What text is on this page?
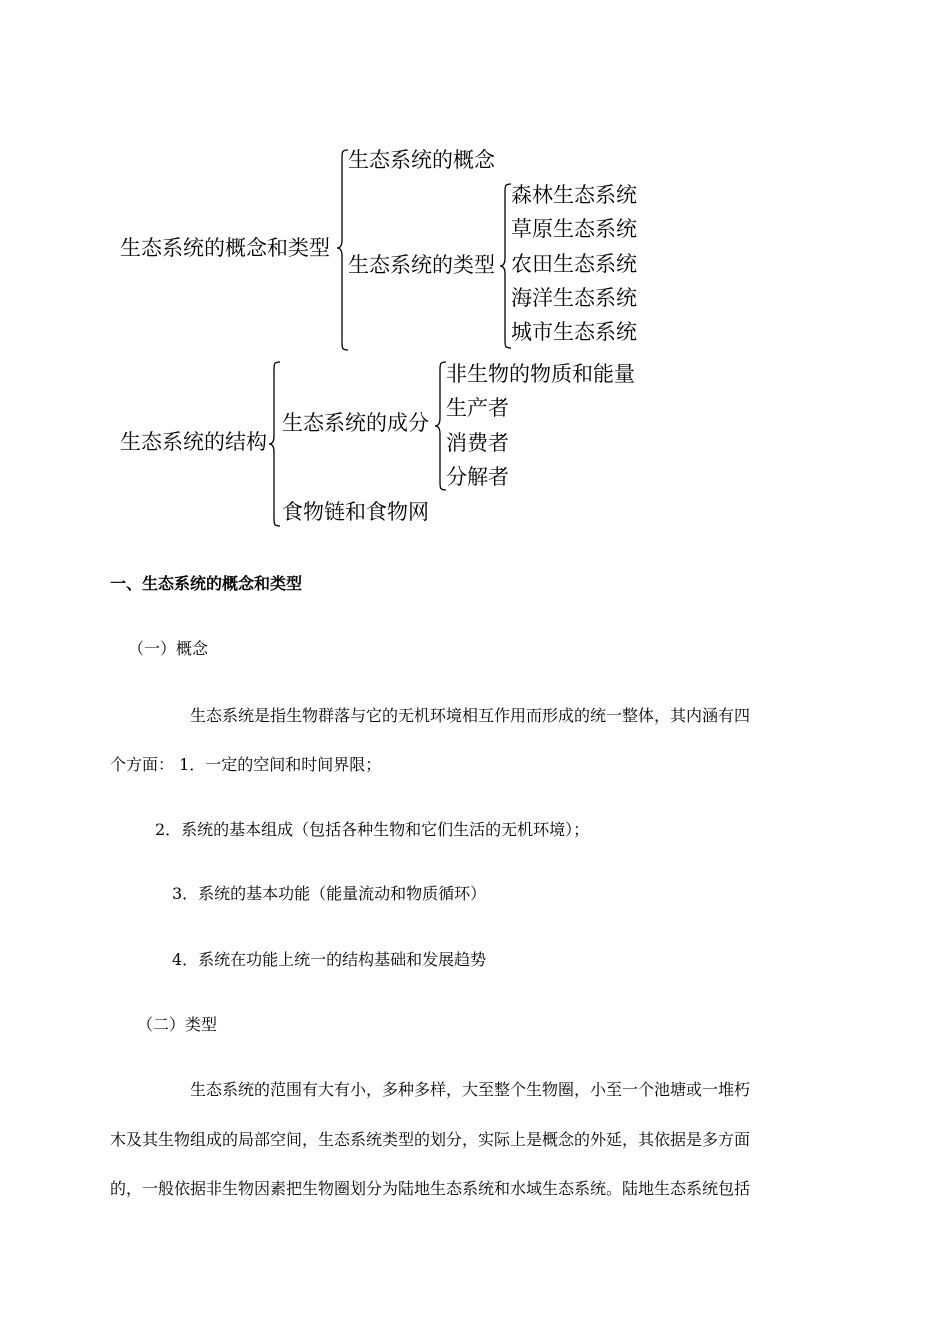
生态系统的概念和类型
生态系统的概念
生态系统的类型
森林生态系统
草原生态系统
农田生态系统
海洋生态系统
城市生态系统
生态系统的结构
生态系统的成分
食物链和食物网
非生物的物质和能量
生产者
消费者
分解者
一、生态系统的概念和类型
（一）概念
生态系统是指生物群落与它的无机环境相互作用而形成的统一整体，其内涵有四
个方面： 1．一定的空间和时间界限；
2．系统的基本组成（包括各种生物和它们生活的无机环境）；
3．系统的基本功能（能量流动和物质循环）
4．系统在功能上统一的结构基础和发展趋势
（二）类型
生态系统的范围有大有小，多种多样，大至整个生物圈，小至一个池塘或一堆朽
木及其生物组成的局部空间，生态系统类型的划分，实际上是概念的外延，其依据是多方面
的，一般依据非生物因素把生物圈划分为陆地生态系统和水域生态系统。陆地生态系统包括
